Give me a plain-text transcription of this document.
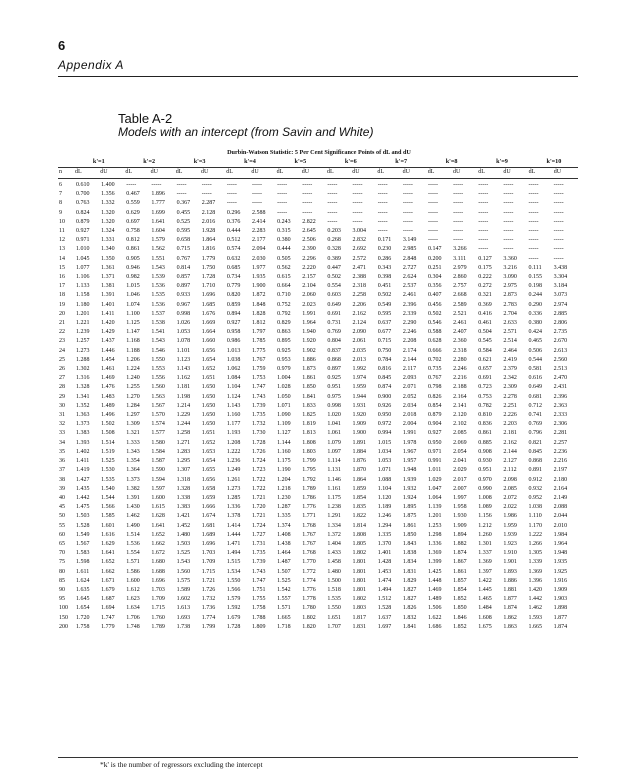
6
Appendix A
Table A-2
Models with an intercept (from Savin and White)
Durbin-Watson Statistic: 5 Per Cent Significance Points of dL and dU
k'=1	k'=2	k'=3	k'=4	k'=5	k'=6	k'=7	k'=8	k'=9	k'=10
n dL	dU	dL	dU	dL	dU	dL	dU	dL	dU	dL	dU	dL	dU	dL	dU	dL	dU	dL	dU
6	0.610	1.400	-----	-----	-----	-----	-----	-----	-----	-----	-----	-----	-----	-----	-----	-----	-----	-----	-----	-----
7	0.700	1.356	0.467	1.896	-----	-----	-----	-----	-----	-----	-----	-----	-----	-----	-----	-----	-----	-----	-----	-----
8	0.763	1.332	0.559	1.777	0.367	2.287	-----	-----	-----	-----	-----	-----	-----	-----	-----	-----	-----	-----	-----	-----
9	0.824	1.320	0.629	1.699	0.455	2.128	0.296	2.588	-----	-----	-----	-----	-----	-----	-----	-----	-----	-----	-----	-----
10	0.879	1.320	0.697	1.641	0.525	2.016	0.376	2.414	0.243	2.822	-----	-----	-----	-----	-----	-----	-----	-----	-----	-----
11	0.927	1.324	0.758	1.604	0.595	1.928	0.444	2.283	0.315	2.645	0.203	3.004	-----	-----	-----	-----	-----	-----	-----	-----
12	0.971	1.331	0.812	1.579	0.658	1.864	0.512	2.177	0.380	2.506	0.268	2.832	0.171	3.149	-----	-----	-----	-----	-----	-----
13	1.010	1.340	0.861	1.562	0.715	1.816	0.574	2.094	0.444	2.390	0.328	2.692	0.230	2.985	0.147	3.266	-----	-----	-----	-----
14	1.045	1.350	0.905	1.551	0.767	1.779	0.632	2.030	0.505	2.296	0.389	2.572	0.286	2.848	0.200	3.111	0.127	3.360	-----	-----
15	1.077	1.361	0.946	1.543	0.814	1.750	0.685	1.977	0.562	2.220	0.447	2.471	0.343	2.727	0.251	2.979	0.175	3.216	0.111	3.438
16	1.106	1.371	0.982	1.539	0.857	1.728	0.734	1.935	0.615	2.157	0.502	2.388	0.398	2.624	0.304	2.860	0.222	3.090	0.155	3.304
17	1.133	1.381	1.015	1.536	0.897	1.710	0.779	1.900	0.664	2.104	0.554	2.318	0.451	2.537	0.356	2.757	0.272	2.975	0.198	3.184
18	1.158	1.391	1.046	1.535	0.933	1.696	0.820	1.872	0.710	2.060	0.603	2.258	0.502	2.461	0.407	2.668	0.321	2.873	0.244	3.073
19	1.180	1.401	1.074	1.536	0.967	1.685	0.859	1.848	0.752	2.023	0.649	2.206	0.549	2.396	0.456	2.589	0.369	2.783	0.290	2.974
20	1.201	1.411	1.100	1.537	0.998	1.676	0.894	1.828	0.792	1.991	0.691	2.162	0.595	2.339	0.502	2.521	0.416	2.704	0.336	2.885
21	1.221	1.420	1.125	1.538	1.026	1.669	0.927	1.812	0.829	1.964	0.731	2.124	0.637	2.290	0.546	2.461	0.461	2.633	0.380	2.806
22	1.239	1.429	1.147	1.541	1.053	1.664	0.958	1.797	0.863	1.940	0.769	2.090	0.677	2.246	0.588	2.407	0.504	2.571	0.424	2.735
23	1.257	1.437	1.168	1.543	1.078	1.660	0.986	1.785	0.895	1.920	0.804	2.061	0.715	2.208	0.628	2.360	0.545	2.514	0.465	2.670
24	1.273	1.446	1.188	1.546	1.101	1.656	1.013	1.775	0.925	1.902	0.837	2.035	0.750	2.174	0.666	2.318	0.584	2.464	0.506	2.613
25	1.288	1.454	1.206	1.550	1.123	1.654	1.038	1.767	0.953	1.886	0.868	2.013	0.784	2.144	0.702	2.280	0.621	2.419	0.544	2.560
26	1.302	1.461	1.224	1.553	1.143	1.652	1.062	1.759	0.979	1.873	0.897	1.992	0.816	2.117	0.735	2.246	0.657	2.379	0.581	2.513
27	1.316	1.469	1.240	1.556	1.162	1.651	1.084	1.753	1.004	1.861	0.925	1.974	0.845	2.093	0.767	2.216	0.691	2.342	0.616	2.470
28	1.328	1.476	1.255	1.560	1.181	1.650	1.104	1.747	1.028	1.850	0.951	1.959	0.874	2.071	0.798	2.188	0.723	2.309	0.649	2.431
29	1.341	1.483	1.270	1.563	1.198	1.650	1.124	1.743	1.050	1.841	0.975	1.944	0.900	2.052	0.826	2.164	0.753	2.278	0.681	2.396
30	1.352	1.489	1.284	1.567	1.214	1.650	1.143	1.739	1.071	1.833	0.998	1.931	0.926	2.034	0.854	2.141	0.782	2.251	0.712	2.363
31	1.363	1.496	1.297	1.570	1.229	1.650	1.160	1.735	1.090	1.825	1.020	1.920	0.950	2.018	0.879	2.120	0.810	2.226	0.741	2.333
32	1.373	1.502	1.309	1.574	1.244	1.650	1.177	1.732	1.109	1.819	1.041	1.909	0.972	2.004	0.904	2.102	0.836	2.203	0.769	2.306
33	1.383	1.508	1.321	1.577	1.258	1.651	1.193	1.730	1.127	1.813	1.061	1.900	0.994	1.991	0.927	2.085	0.861	2.181	0.796	2.281
34	1.393	1.514	1.333	1.580	1.271	1.652	1.208	1.728	1.144	1.808	1.079	1.891	1.015	1.978	0.950	2.069	0.885	2.162	0.821	2.257
35	1.402	1.519	1.343	1.584	1.283	1.653	1.222	1.726	1.160	1.803	1.097	1.884	1.034	1.967	0.971	2.054	0.908	2.144	0.845	2.236
36	1.411	1.525	1.354	1.587	1.295	1.654	1.236	1.724	1.175	1.799	1.114	1.876	1.053	1.957	0.991	2.041	0.930	2.127	0.868	2.216
37	1.419	1.530	1.364	1.590	1.307	1.655	1.249	1.723	1.190	1.795	1.131	1.870	1.071	1.948	1.011	2.029	0.951	2.112	0.891	2.197
38	1.427	1.535	1.373	1.594	1.318	1.656	1.261	1.722	1.204	1.792	1.146	1.864	1.088	1.939	1.029	2.017	0.970	2.098	0.912	2.180
39	1.435	1.540	1.382	1.597	1.328	1.658	1.273	1.722	1.218	1.789	1.161	1.859	1.104	1.932	1.047	2.007	0.990	2.085	0.932	2.164
40	1.442	1.544	1.391	1.600	1.338	1.659	1.285	1.721	1.230	1.786	1.175	1.854	1.120	1.924	1.064	1.997	1.008	2.072	0.952	2.149
45	1.475	1.566	1.430	1.615	1.383	1.666	1.336	1.720	1.287	1.776	1.238	1.835	1.189	1.895	1.139	1.958	1.089	2.022	1.038	2.088
50	1.503	1.585	1.462	1.628	1.421	1.674	1.378	1.721	1.335	1.771	1.291	1.822	1.246	1.875	1.201	1.930	1.156	1.986	1.110	2.044
55	1.528	1.601	1.490	1.641	1.452	1.681	1.414	1.724	1.374	1.768	1.334	1.814	1.294	1.861	1.253	1.909	1.212	1.959	1.170	2.010
60	1.549	1.616	1.514	1.652	1.480	1.689	1.444	1.727	1.408	1.767	1.372	1.808	1.335	1.850	1.298	1.894	1.260	1.939	1.222	1.984
65	1.567	1.629	1.536	1.662	1.503	1.696	1.471	1.731	1.438	1.767	1.404	1.805	1.370	1.843	1.336	1.882	1.301	1.923	1.266	1.964
70	1.583	1.641	1.554	1.672	1.525	1.703	1.494	1.735	1.464	1.768	1.433	1.802	1.401	1.838	1.369	1.874	1.337	1.910	1.305	1.948
75	1.598	1.652	1.571	1.680	1.543	1.709	1.515	1.739	1.487	1.770	1.458	1.801	1.428	1.834	1.399	1.867	1.369	1.901	1.339	1.935
80	1.611	1.662	1.586	1.688	1.560	1.715	1.534	1.743	1.507	1.772	1.480	1.801	1.453	1.831	1.425	1.861	1.397	1.893	1.369	1.925
85	1.624	1.671	1.600	1.696	1.575	1.721	1.550	1.747	1.525	1.774	1.500	1.801	1.474	1.829	1.448	1.857	1.422	1.886	1.396	1.916
90	1.635	1.679	1.612	1.703	1.589	1.726	1.566	1.751	1.542	1.776	1.518	1.801	1.494	1.827	1.469	1.854	1.445	1.881	1.420	1.909
95	1.645	1.687	1.623	1.709	1.602	1.732	1.579	1.755	1.557	1.778	1.535	1.802	1.512	1.827	1.489	1.852	1.465	1.877	1.442	1.903
100	1.654	1.694	1.634	1.715	1.613	1.736	1.592	1.758	1.571	1.780	1.550	1.803	1.528	1.826	1.506	1.850	1.484	1.874	1.462	1.898
150	1.720	1.747	1.706	1.760	1.693	1.774	1.679	1.788	1.665	1.802	1.651	1.817	1.637	1.832	1.622	1.846	1.608	1.862	1.593	1.877
200	1.758	1.779	1.748	1.789	1.738	1.799	1.728	1.809	1.718	1.820	1.707	1.831	1.697	1.841	1.686	1.852	1.675	1.863	1.665	1.874
*k' is the number of regressors excluding the intercept
